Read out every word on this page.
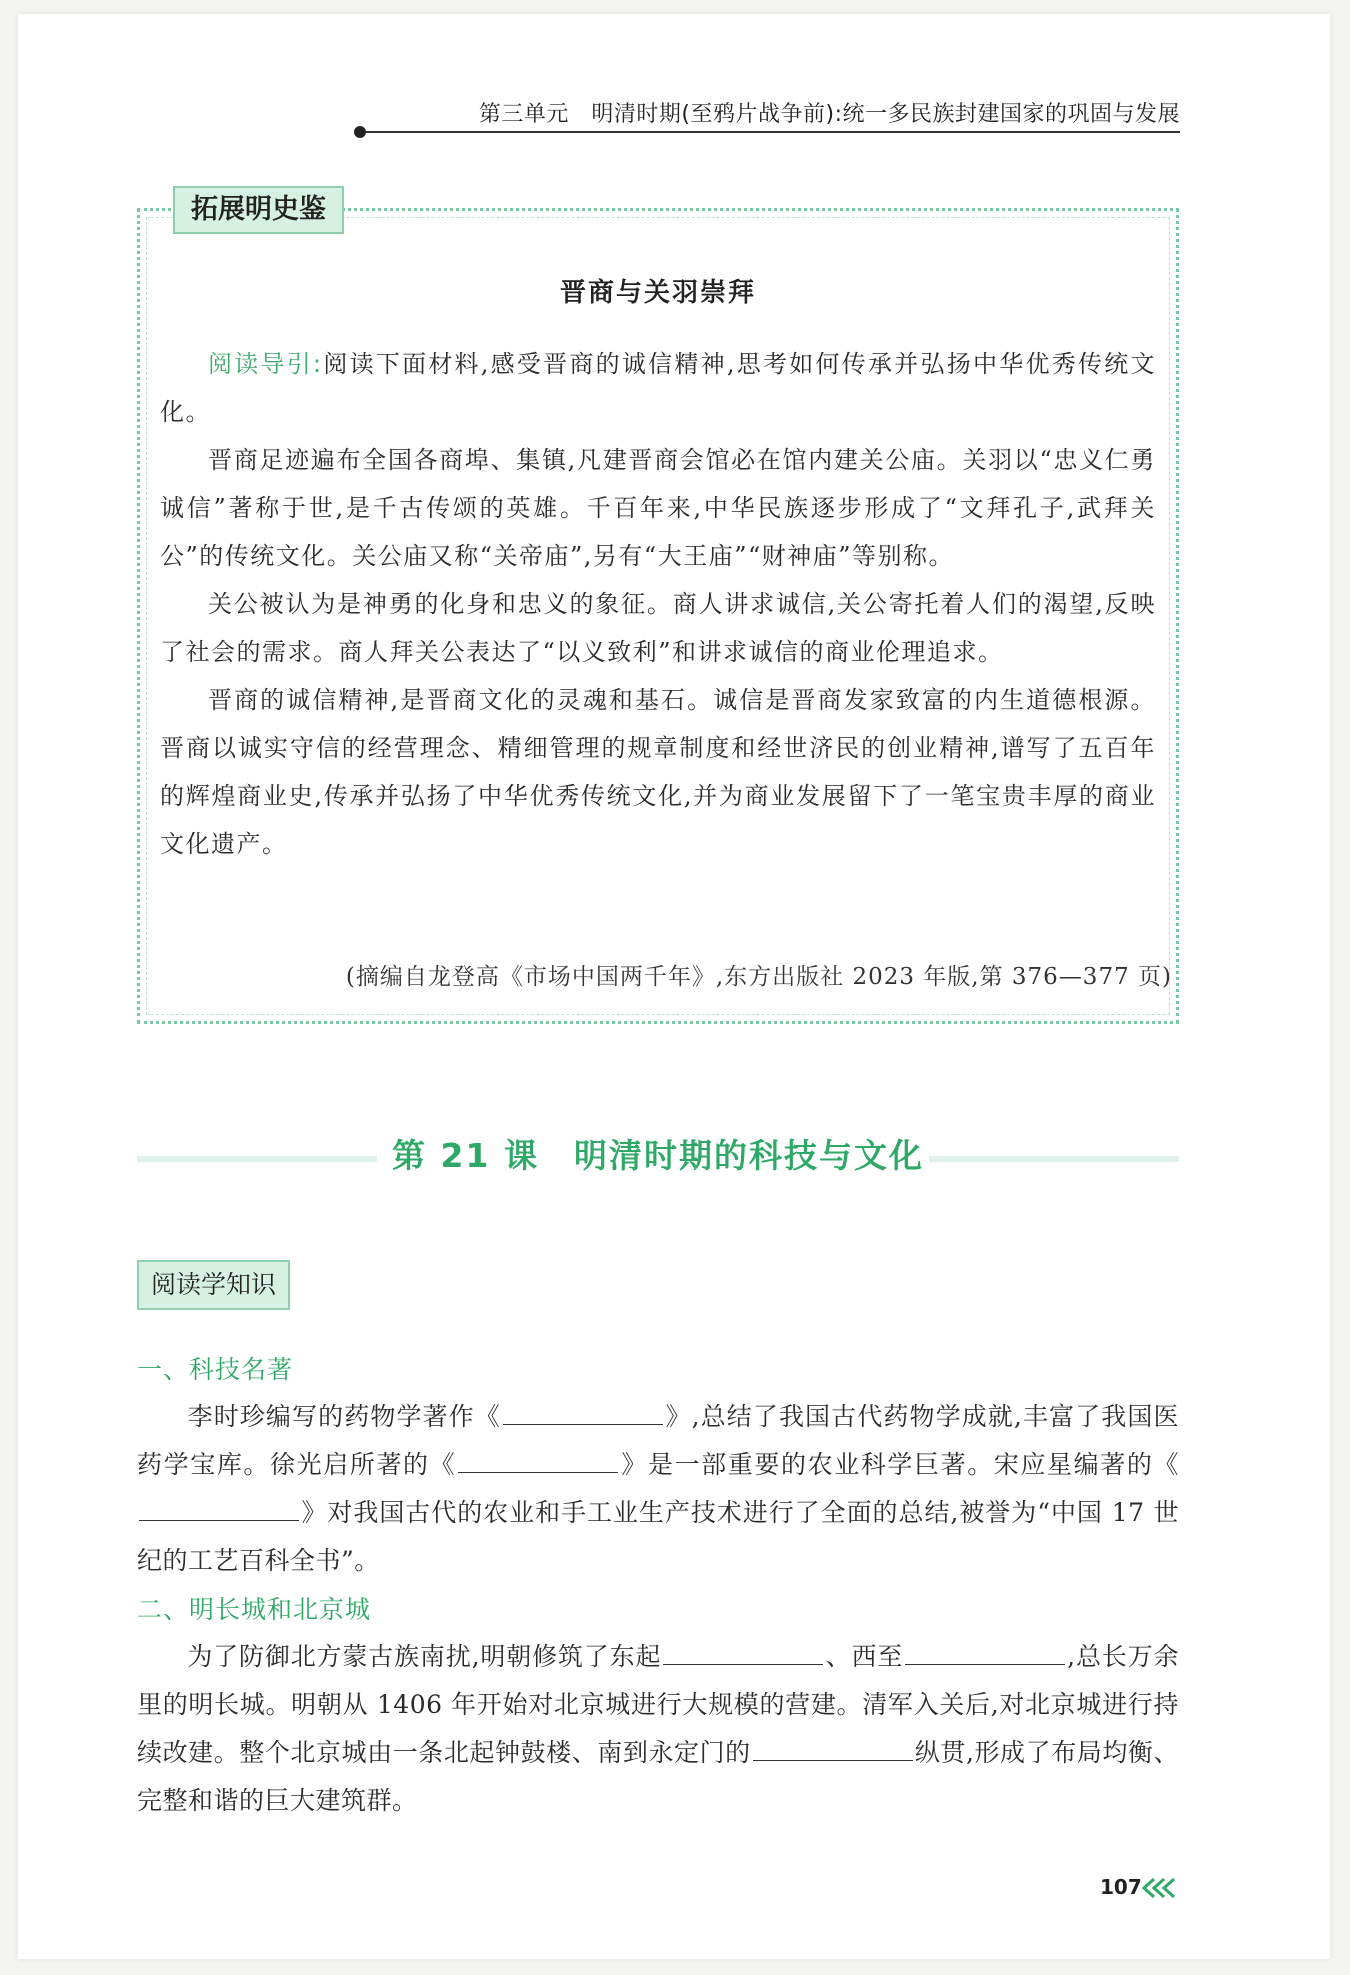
第三单元　明清时期(至鸦片战争前):统一多民族封建国家的巩固与发展
拓展明史鉴
晋商与关羽崇拜

阅读导引:阅读下面材料,感受晋商的诚信精神,思考如何传承并弘扬中华优秀传统文化。

晋商足迹遍布全国各商埠、集镇,凡建晋商会馆必在馆内建关公庙。关羽以“忠义仁勇诚信”著称于世,是千古传颂的英雄。千百年来,中华民族逐步形成了“文拜孔子,武拜关公”的传统文化。关公庙又称“关帝庙”,另有“大王庙”“财神庙”等别称。

关公被认为是神勇的化身和忠义的象征。商人讲求诚信,关公寄托着人们的渴望,反映了社会的需求。商人拜关公表达了“以义致利”和讲求诚信的商业伦理追求。

晋商的诚信精神,是晋商文化的灵魂和基石。诚信是晋商发家致富的内生道德根源。晋商以诚实守信的经营理念、精细管理的规章制度和经世济民的创业精神,谱写了五百年的辉煌商业史,传承并弘扬了中华优秀传统文化,并为商业发展留下了一笔宝贵丰厚的商业文化遗产。

(摘编自龙登高《市场中国两千年》,东方出版社 2023 年版,第 376—377 页)
第 21 课　明清时期的科技与文化
阅读学知识
一、科技名著
李时珍编写的药物学著作《	》,总结了我国古代药物学成就,丰富了我国医药学宝库。徐光启所著的《	》是一部重要的农业科学巨著。宋应星编著的《》对我国古代的农业和手工业生产技术进行了全面的总结,被誉为“中国 17 世纪的工艺百科全书”。
二、明长城和北京城
为了防御北方蒙古族南扰,明朝修筑了东起	、西至	,总长万余里的明长城。明朝从 1406 年开始对北京城进行大规模的营建。清军入关后,对北京城进行持续改建。整个北京城由一条北起钟鼓楼、南到永定门的	纵贯,形成了布局均衡、完整和谐的巨大建筑群。
107
